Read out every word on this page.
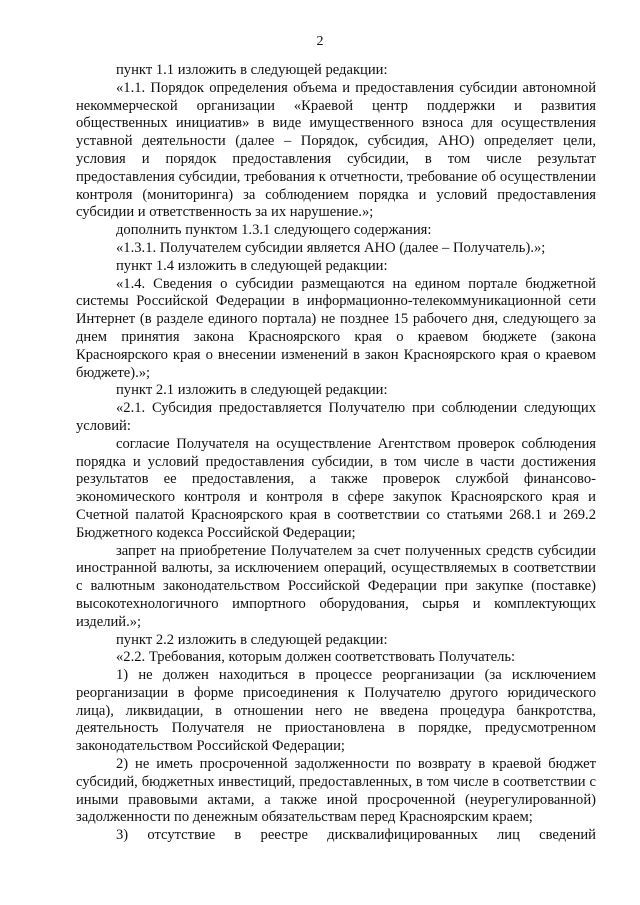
2

пункт 1.1 изложить в следующей редакции:

«1.1. Порядок определения объема и предоставления субсидии автономной некоммерческой организации «Краевой центр поддержки и развития общественных инициатив» в виде имущественного взноса для осуществления уставной деятельности (далее – Порядок, субсидия, АНО) определяет цели, условия и порядок предоставления субсидии, в том числе результат предоставления субсидии, требования к отчетности, требование об осуществлении контроля (мониторинга) за соблюдением порядка и условий предоставления субсидии и ответственность за их нарушение.»;

дополнить пунктом 1.3.1 следующего содержания:

«1.3.1. Получателем субсидии является АНО (далее – Получатель).»;

пункт 1.4 изложить в следующей редакции:

«1.4. Сведения о субсидии размещаются на едином портале бюджетной системы Российской Федерации в информационно-телекоммуникационной сети Интернет (в разделе единого портала) не позднее 15 рабочего дня, следующего за днем принятия закона Красноярского края о краевом бюджете (закона Красноярского края о внесении изменений в закон Красноярского края о краевом бюджете).»;

пункт 2.1 изложить в следующей редакции:

«2.1. Субсидия предоставляется Получателю при соблюдении следующих условий:

согласие Получателя на осуществление Агентством проверок соблюдения порядка и условий предоставления субсидии, в том числе в части достижения результатов ее предоставления, а также проверок службой финансово-экономического контроля и контроля в сфере закупок Красноярского края и Счетной палатой Красноярского края в соответствии со статьями 268.1 и 269.2 Бюджетного кодекса Российской Федерации;

запрет на приобретение Получателем за счет полученных средств субсидии иностранной валюты, за исключением операций, осуществляемых в соответствии с валютным законодательством Российской Федерации при закупке (поставке) высокотехнологичного импортного оборудования, сырья и комплектующих изделий.»;

пункт 2.2 изложить в следующей редакции:

«2.2. Требования, которым должен соответствовать Получатель:

1) не должен находиться в процессе реорганизации (за исключением реорганизации в форме присоединения к Получателю другого юридического лица), ликвидации, в отношении него не введена процедура банкротства, деятельность Получателя не приостановлена в порядке, предусмотренном законодательством Российской Федерации;

2) не иметь просроченной задолженности по возврату в краевой бюджет субсидий, бюджетных инвестиций, предоставленных, в том числе в соответствии с иными правовыми актами, а также иной просроченной (неурегулированной) задолженности по денежным обязательствам перед Красноярским краем;

3) отсутствие в реестре дисквалифицированных лиц сведений
